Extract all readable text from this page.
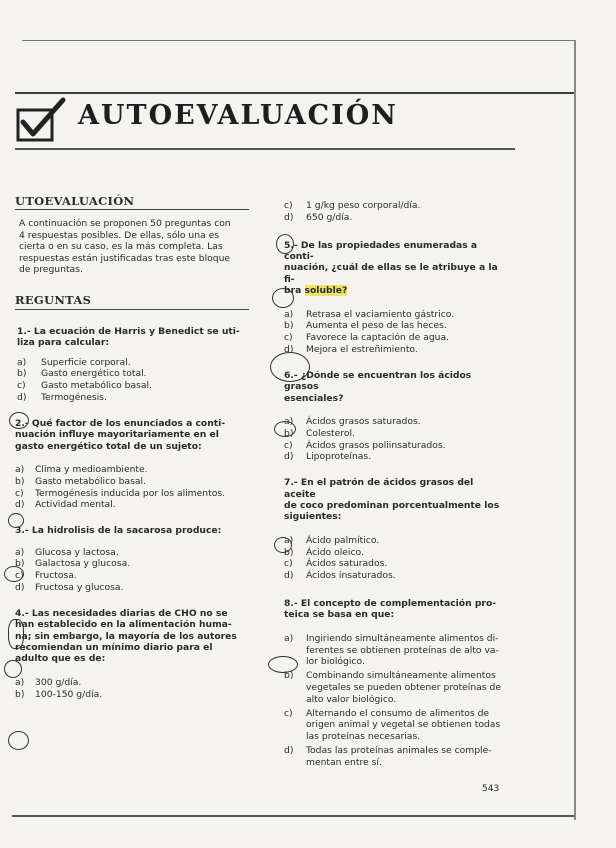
AUTOEVALUACIÓN
UTOEVALUACIÓN
A continuación se proponen 50 preguntas con
4 respuestas posibles. De ellas, sólo una es
cierta o en su caso, es la más completa. Las
respuestas están justificadas tras este bloque
de preguntas.
REGUNTAS
1.- La ecuación de Harris y Benedict se uti-
liza para calcular:
a)	Superficie corporal.
b)	Gasto energético total.
c)	Gasto metabólico basal.
d)	Termogénesis.
2.- Qué factor de los enunciados a conti-
nuación influye mayoritariamente en el
gasto energético total de un sujeto:
a)	Clima y medioambiente.
b)	Gasto metabólico basal.
c)	Termogénesis inducida por los alimentos.
d)	Actividad mental.
3.- La hidrolisis de la sacarosa produce:
a)	Glucosa y lactosa.
b)	Galactosa y glucosa.
c)	Fructosa.
d)	Fructosa y glucosa.
4.- Las necesidades diarias de CHO no se
han establecido en la alimentación huma-
na; sin embargo, la mayoría de los autores
recomiendan un mínimo diario para el
adulto que es de:
a)	300 g/día.
b)	100-150 g/día.
c)	1 g/kg peso corporal/día.
d)	650 g/día.
5.- De las propiedades enumeradas a conti-
nuación, ¿cuál de ellas se le atribuye a la fi-
bra soluble?
a)	Retrasa el vaciamiento gástrico.
b)	Aumenta el peso de las heces.
c)	Favorece la captación de agua.
d)	Mejora el estreñimiento.
6.- ¿Dónde se encuentran los ácidos grasos
esenciales?
a)	Ácidos grasos saturados.
b)	Colesterol.
c)	Ácidos grasos poliinsaturados.
d)	Lipoproteínas.
7.- En el patrón de ácidos grasos del aceite
de coco predominan porcentualmente los
siguientes:
a)	Ácido palmítico.
b)	Ácido oleico.
c)	Ácidos saturados.
d)	Ácidos insaturados.
8.- El concepto de complementación pro-
teica se basa en que:
a)	Ingiriendo simultáneamente alimentos di-
ferentes se obtienen proteínas de alto va-
lor biológico.
b)	Combinando simultáneamente alimentos
vegetales se pueden obtener proteínas de
alto valor biológico.
c)	Alternando el consumo de alimentos de
origen animal y vegetal se obtienen todas
las proteínas necesarias.
d)	Todas las proteínas animales se comple-
mentan entre sí.
543
